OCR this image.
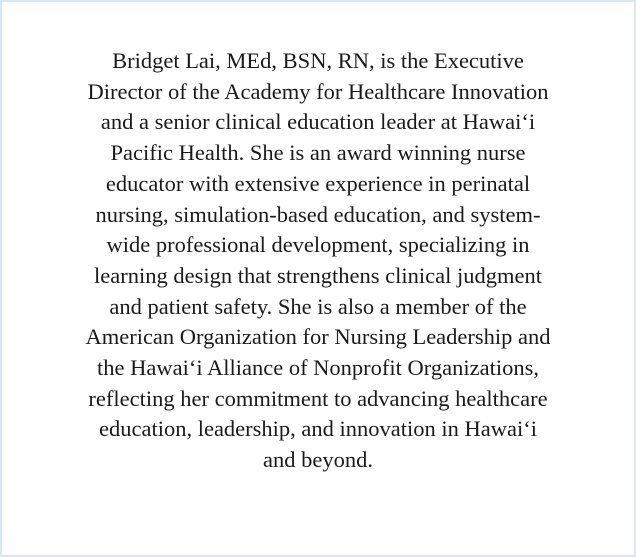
Bridget Lai, MEd, BSN, RN, is the Executive
Director of the Academy for Healthcare Innovation
and a senior clinical education leader at Hawaiʻi
Pacific Health. She is an award winning nurse
educator with extensive experience in perinatal
nursing, simulation-based education, and system-
wide professional development, specializing in
learning design that strengthens clinical judgment
and patient safety. She is also a member of the
American Organization for Nursing Leadership and
the Hawaiʻi Alliance of Nonprofit Organizations,
reflecting her commitment to advancing healthcare
education, leadership, and innovation in Hawaiʻi
and beyond.
